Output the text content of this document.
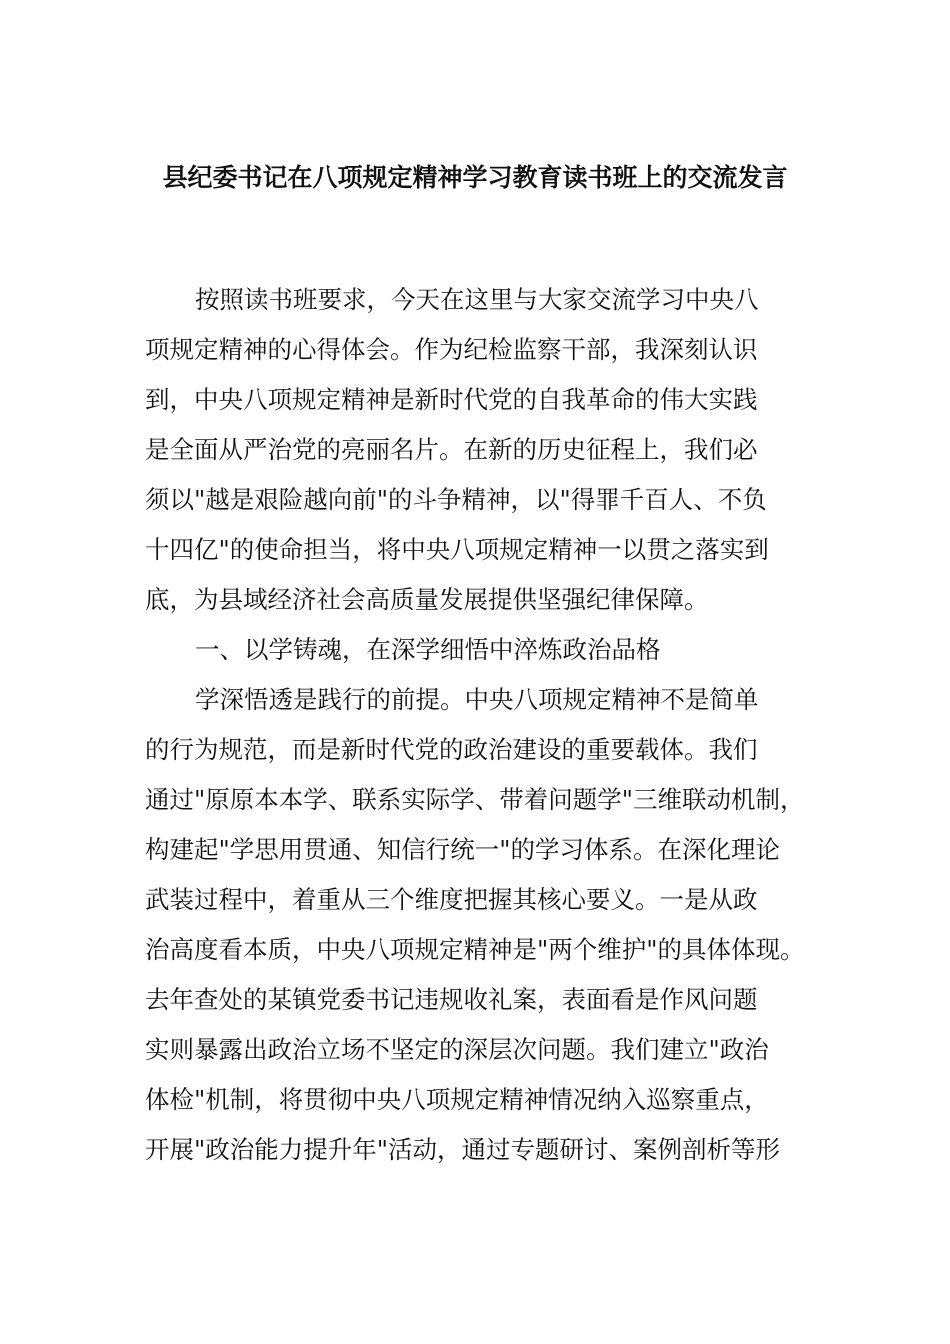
县纪委书记在八项规定精神学习教育读书班上的交流发言

按照读书班要求，今天在这里与大家交流学习中央八

项规定精神的心得体会。作为纪检监察干部，我深刻认识

到，中央八项规定精神是新时代党的自我革命的伟大实践

是全面从严治党的亮丽名片。在新的历史征程上，我们必

须以"越是艰险越向前"的斗争精神，以"得罪千百人、不负

十四亿"的使命担当，将中央八项规定精神一以贯之落实到

底，为县域经济社会高质量发展提供坚强纪律保障。

一、以学铸魂，在深学细悟中淬炼政治品格

学深悟透是践行的前提。中央八项规定精神不是简单

的行为规范，而是新时代党的政治建设的重要载体。我们

通过"原原本本学、联系实际学、带着问题学"三维联动机制，

构建起"学思用贯通、知信行统一"的学习体系。在深化理论

武装过程中，着重从三个维度把握其核心要义。一是从政

治高度看本质，中央八项规定精神是"两个维护"的具体体现。

去年查处的某镇党委书记违规收礼案，表面看是作风问题

实则暴露出政治立场不坚定的深层次问题。我们建立"政治

体检"机制，将贯彻中央八项规定精神情况纳入巡察重点，

开展"政治能力提升年"活动，通过专题研讨、案例剖析等形
